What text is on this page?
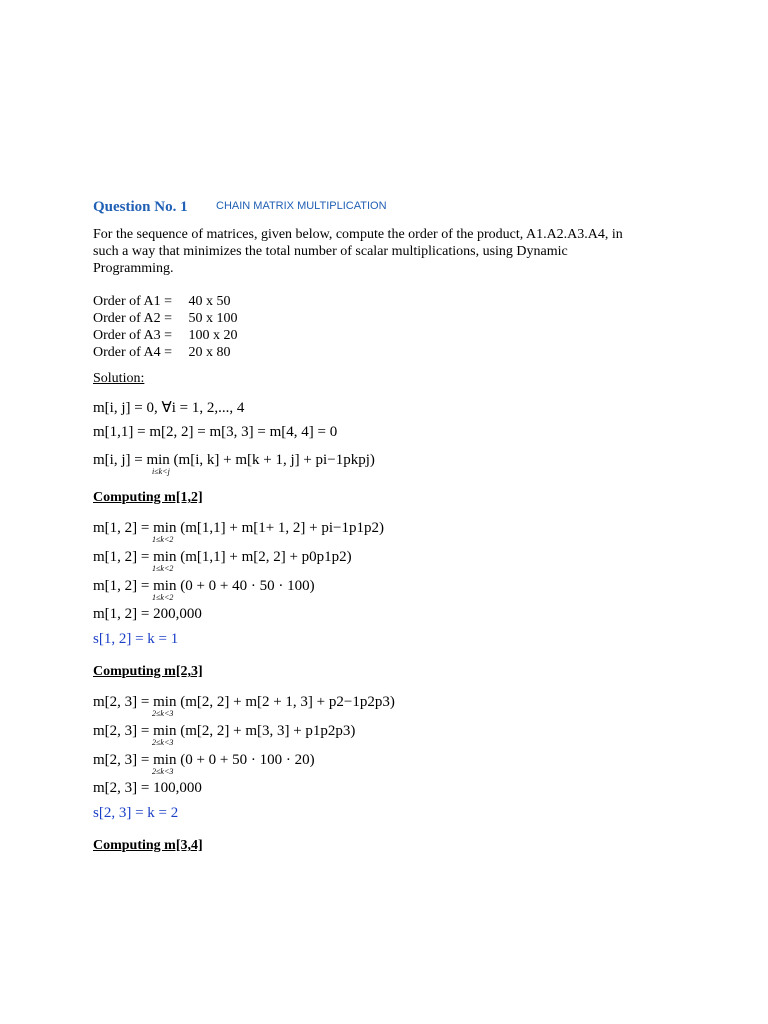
Question No. 1	CHAIN MATRIX MULTIPLICATION
For the sequence of matrices, given below, compute the order of the product, A1.A2.A3.A4, in
such a way that minimizes the total number of scalar multiplications, using Dynamic
Programming.
Order of A1 = 40 x 50
Order of A2 = 50 x 100
Order of A3 = 100 x 20
Order of A4 = 20 x 80
Solution:
m[i, j] = 0, ∀i = 1, 2,..., 4
m[1,1] = m[2, 2] = m[3, 3] = m[4, 4] = 0
m[i, j] = min (m[i, k] + m[k + 1, j] + pi−1pkpj)
i≤k<j
Computing m[1,2]
m[1, 2] = min (m[1,1] + m[1+ 1, 2] + pi−1p1p2)
1≤k<2
m[1, 2] = min (m[1,1] + m[2, 2] + p0p1p2)
1≤k<2
m[1, 2] = min (0 + 0 + 40 · 50 · 100)
1≤k<2
m[1, 2] = 200,000
s[1, 2] = k = 1
Computing m[2,3]
m[2, 3] = min (m[2, 2] + m[2 + 1, 3] + p2−1p2p3)
2≤k<3
m[2, 3] = min (m[2, 2] + m[3, 3] + p1p2p3)
2≤k<3
m[2, 3] = min (0 + 0 + 50 · 100 · 20)
2≤k<3
m[2, 3] = 100,000
s[2, 3] = k = 2
Computing m[3,4]
